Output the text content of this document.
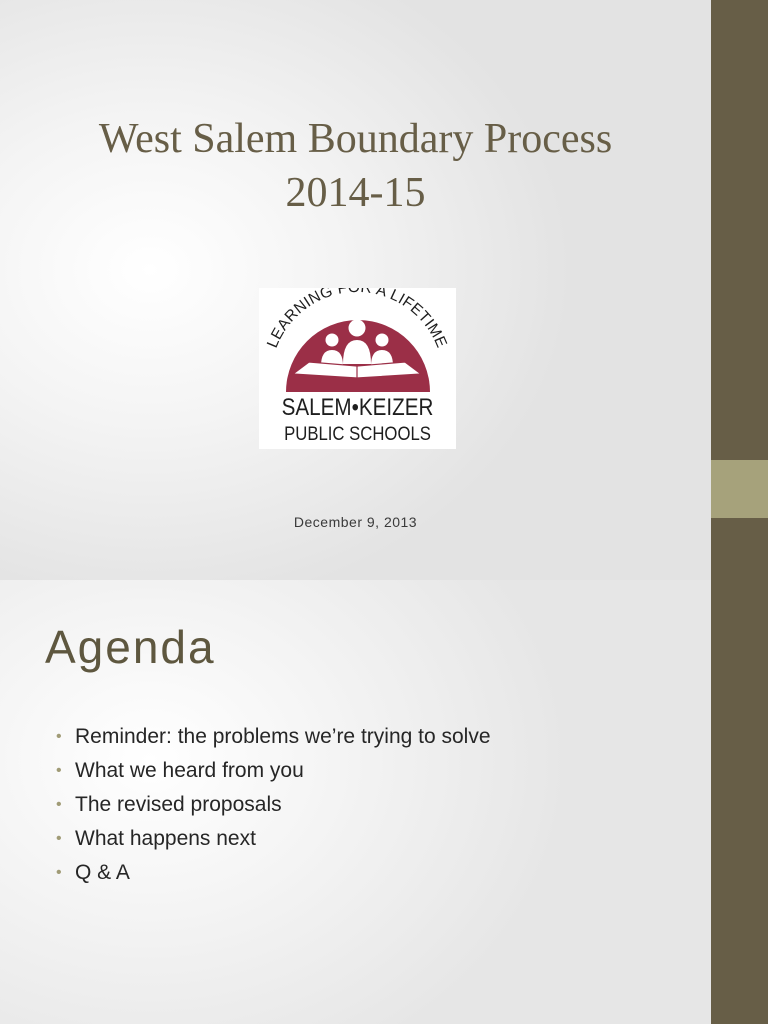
West Salem Boundary Process
2014-15
LEARNING F A LIFETIME
SALEM•KEIZER
PUBLIC SCHOOLS
December 9, 2013
Agenda
• Reminder: the problems we’re trying to solve
• What we heard from you
• The revised proposals
• What happens next
• Q & A
